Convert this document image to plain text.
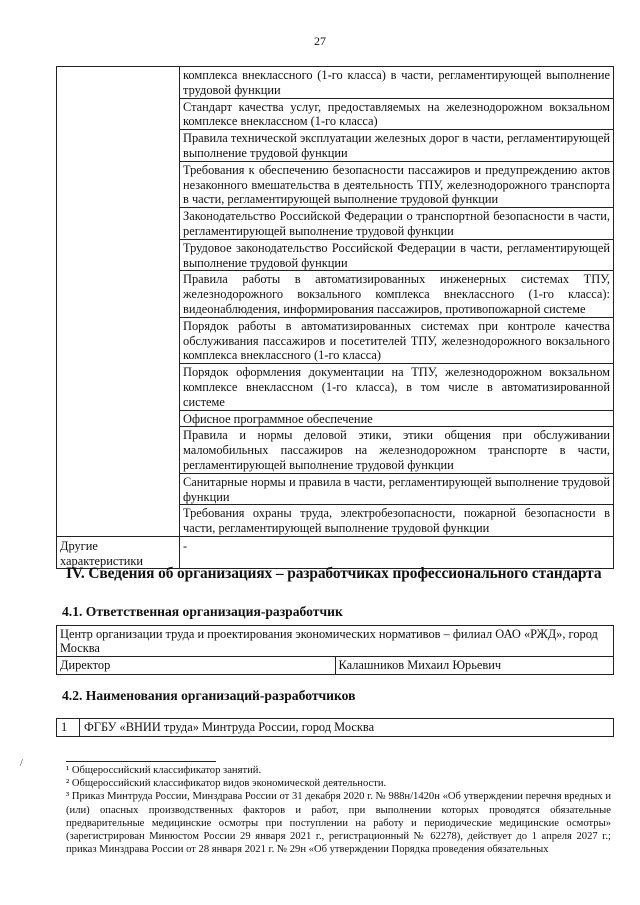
27
	комплекса внеклассного (1-го класса) в части, регламентирующей выполнение трудовой функции
	Стандарт качества услуг, предоставляемых на железнодорожном вокзальном комплексе внеклассном (1-го класса)
	Правила технической эксплуатации железных дорог в части, регламентирующей выполнение трудовой функции
	Требования к обеспечению безопасности пассажиров и предупреждению актов незаконного вмешательства в деятельность ТПУ, железнодорожного транспорта в части, регламентирующей выполнение трудовой функции
	Законодательство Российской Федерации о транспортной безопасности в части, регламентирующей выполнение трудовой функции
	Трудовое законодательство Российской Федерации в части, регламентирующей выполнение трудовой функции
	Правила работы в автоматизированных инженерных системах ТПУ, железнодорожного вокзального комплекса внеклассного (1-го класса): видеонаблюдения, информирования пассажиров, противопожарной системе
	Порядок работы в автоматизированных системах при контроле качества обслуживания пассажиров и посетителей ТПУ, железнодорожного вокзального комплекса внеклассного (1-го класса)
	Порядок оформления документации на ТПУ, железнодорожном вокзальном комплексе внеклассном (1-го класса), в том числе в автоматизированной системе
	Офисное программное обеспечение
	Правила и нормы деловой этики, этики общения при обслуживании маломобильных пассажиров на железнодорожном транспорте в части, регламентирующей выполнение трудовой функции
	Санитарные нормы и правила в части, регламентирующей выполнение трудовой функции
	Требования охраны труда, электробезопасности, пожарной безопасности в части, регламентирующей выполнение трудовой функции
Другие характеристики	-
IV. Сведения об организациях – разработчиках профессионального стандарта
4.1. Ответственная организация-разработчик
Центр организации труда и проектирования экономических нормативов – филиал ОАО «РЖД», город Москва
Директор	Калашников Михаил Юрьевич
4.2. Наименования организаций-разработчиков
1	ФГБУ «ВНИИ труда» Минтруда России, город Москва
/

¹ Общероссийский классификатор занятий.

² Общероссийский классификатор видов экономической деятельности.

³ Приказ Минтруда России, Минздрава России от 31 декабря 2020 г. № 988н/1420н «Об утверждении перечня вредных и (или) опасных производственных факторов и работ, при выполнении которых проводятся обязательные предварительные медицинские осмотры при поступлении на работу и периодические медицинские осмотры» (зарегистрирован Минюстом России 29 января 2021 г., регистрационный № 62278), действует до 1 апреля 2027 г.; приказ Минздрава России от 28 января 2021 г. № 29н «Об утверждении Порядка проведения обязательных
